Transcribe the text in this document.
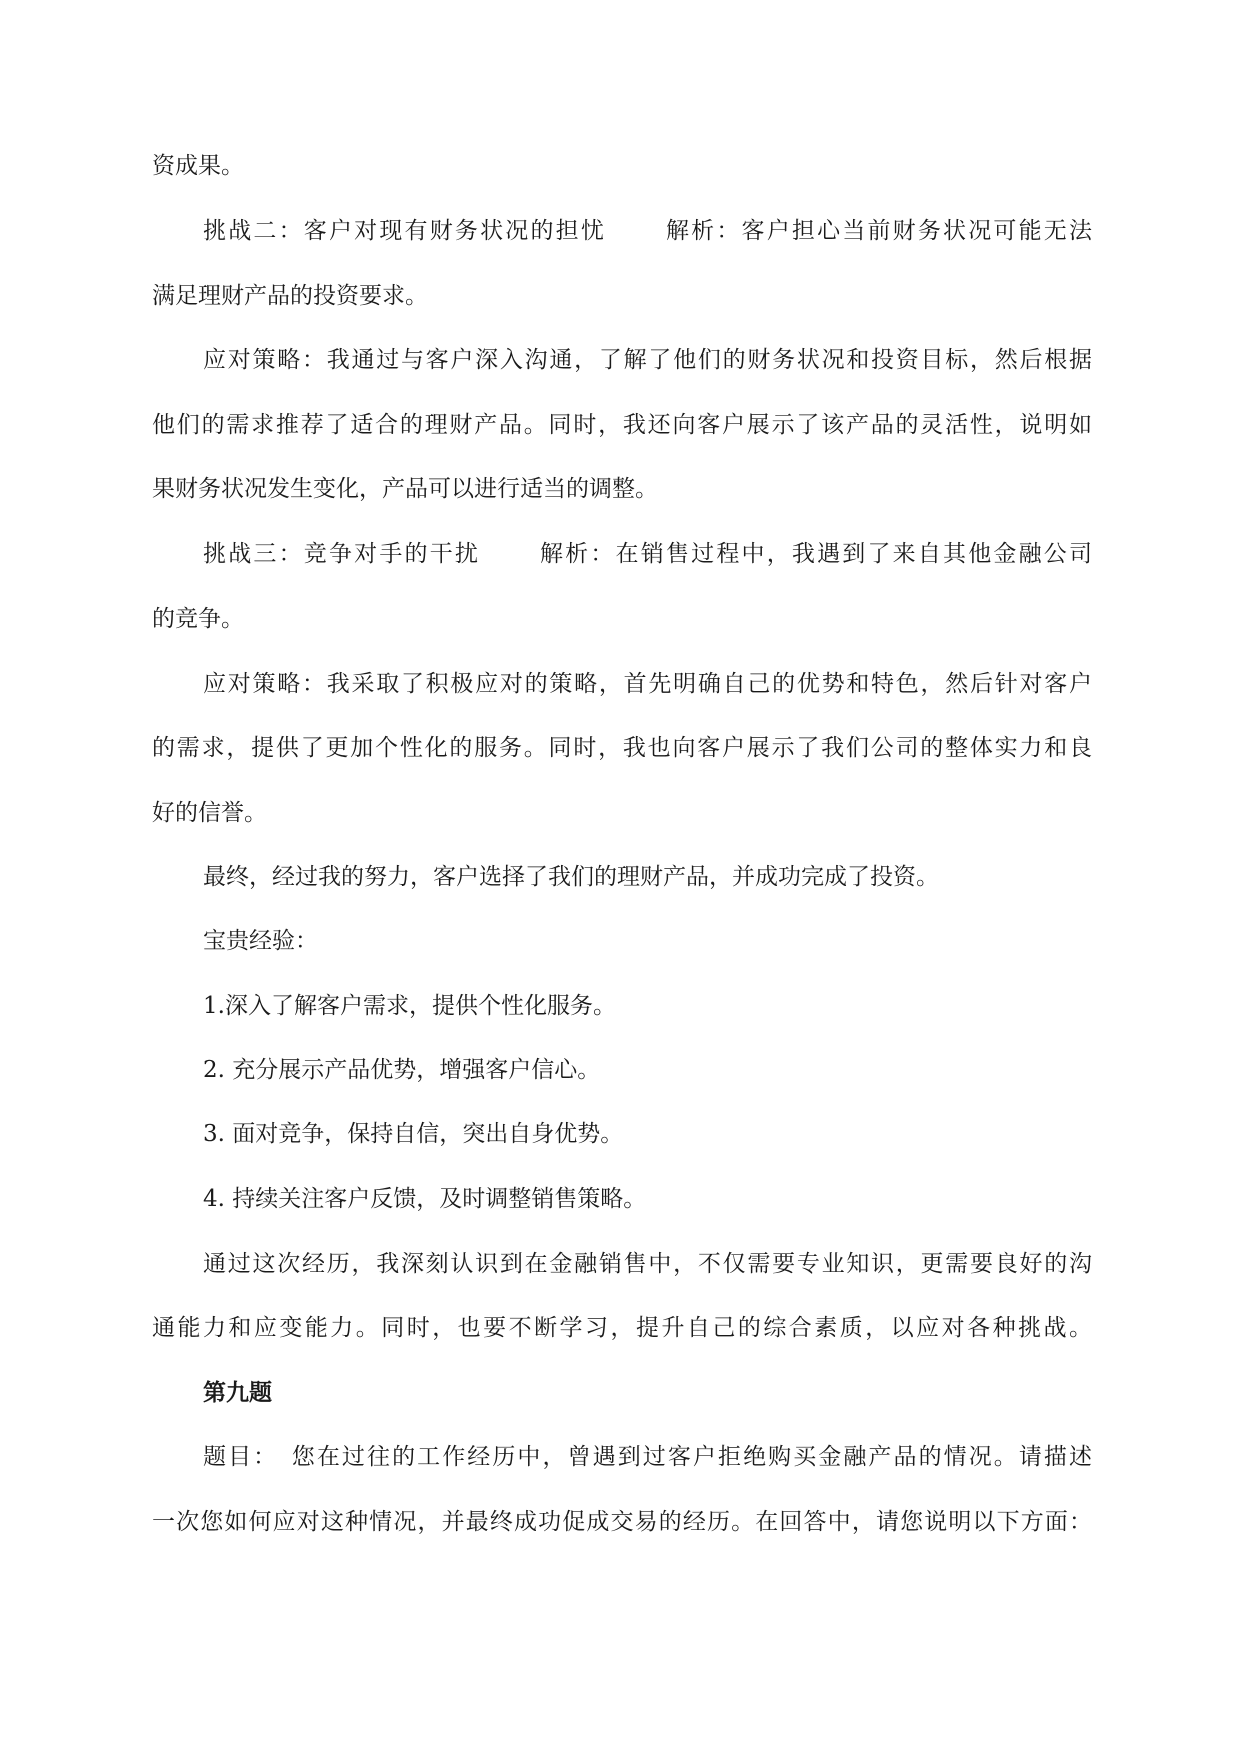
资成果。
挑战二：客户对现有财务状况的担忧　　 解析：客户担心当前财务状况可能无法
满足理财产品的投资要求。
应对策略：我通过与客户深入沟通，了解了他们的财务状况和投资目标，然后根据
他们的需求推荐了适合的理财产品。同时，我还向客户展示了该产品的灵活性，说明如
果财务状况发生变化，产品可以进行适当的调整。
挑战三：竞争对手的干扰　　 解析：在销售过程中，我遇到了来自其他金融公司
的竞争。
应对策略：我采取了积极应对的策略，首先明确自己的优势和特色，然后针对客户
的需求，提供了更加个性化的服务。同时，我也向客户展示了我们公司的整体实力和良
好的信誉。
最终，经过我的努力，客户选择了我们的理财产品，并成功完成了投资。
宝贵经验：
1.深入了解客户需求，提供个性化服务。
2. 充分展示产品优势，增强客户信心。
3. 面对竞争，保持自信，突出自身优势。
4. 持续关注客户反馈，及时调整销售策略。
通过这次经历，我深刻认识到在金融销售中，不仅需要专业知识，更需要良好的沟
通能力和应变能力。同时，也要不断学习，提升自己的综合素质，以应对各种挑战。
第九题
题目：　您在过往的工作经历中，曾遇到过客户拒绝购买金融产品的情况。请描述
一次您如何应对这种情况，并最终成功促成交易的经历。在回答中，请您说明以下方面：
